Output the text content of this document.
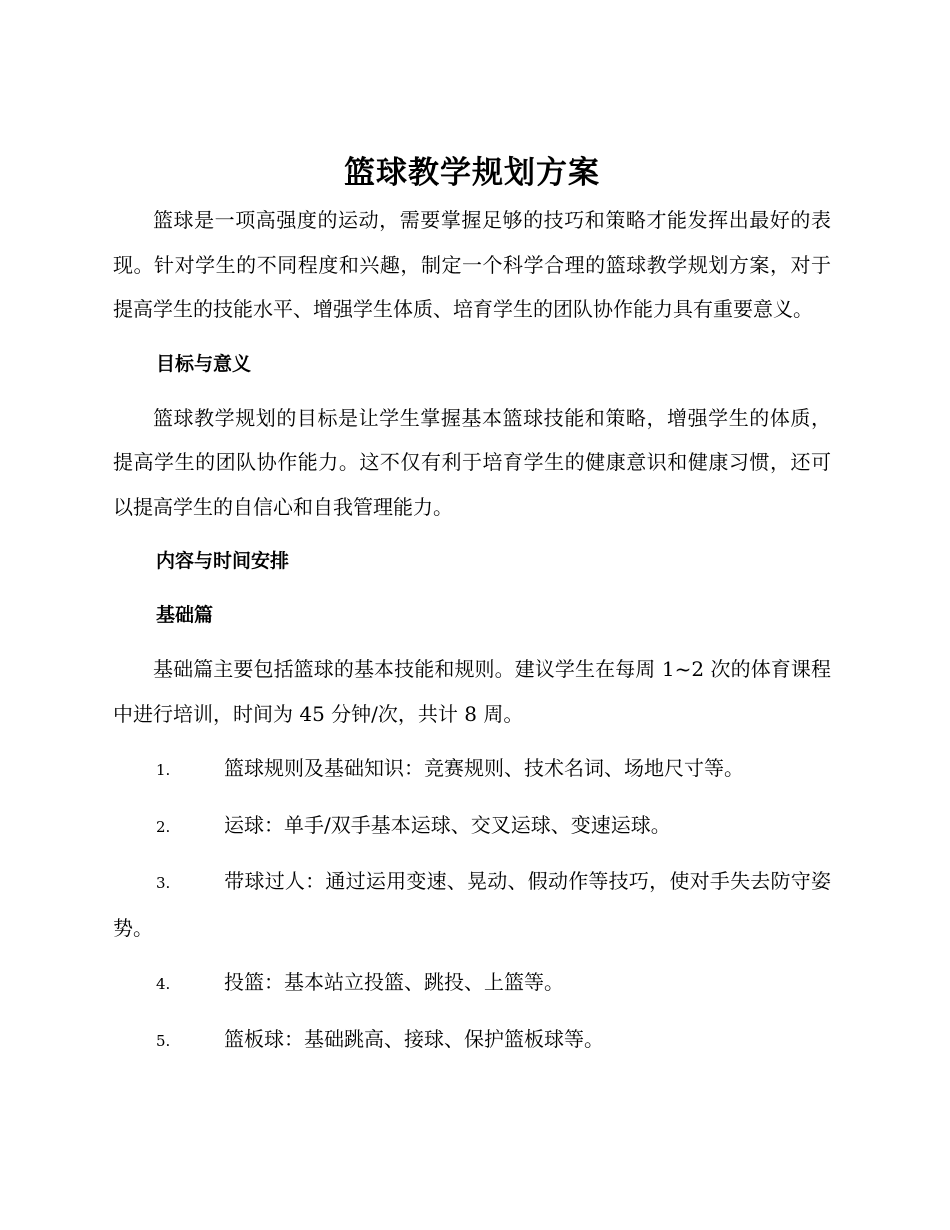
篮球教学规划方案

篮球是一项高强度的运动，需要掌握足够的技巧和策略才能发挥出最好的表现。针对学生的不同程度和兴趣，制定一个科学合理的篮球教学规划方案，对于提高学生的技能水平、增强学生体质、培育学生的团队协作能力具有重要意义。

目标与意义

篮球教学规划的目标是让学生掌握基本篮球技能和策略，增强学生的体质，提高学生的团队协作能力。这不仅有利于培育学生的健康意识和健康习惯，还可以提高学生的自信心和自我管理能力。

内容与时间安排

基础篇

基础篇主要包括篮球的基本技能和规则。建议学生在每周 1~2 次的体育课程中进行培训，时间为 45 分钟/次，共计 8 周。

1.	篮球规则及基础知识：竞赛规则、技术名词、场地尺寸等。

2.	运球：单手/双手基本运球、交叉运球、变速运球。

3.	带球过人：通过运用变速、晃动、假动作等技巧，使对手失去防守姿势。

4.	投篮：基本站立投篮、跳投、上篮等。

5.	篮板球：基础跳高、接球、保护篮板球等。
